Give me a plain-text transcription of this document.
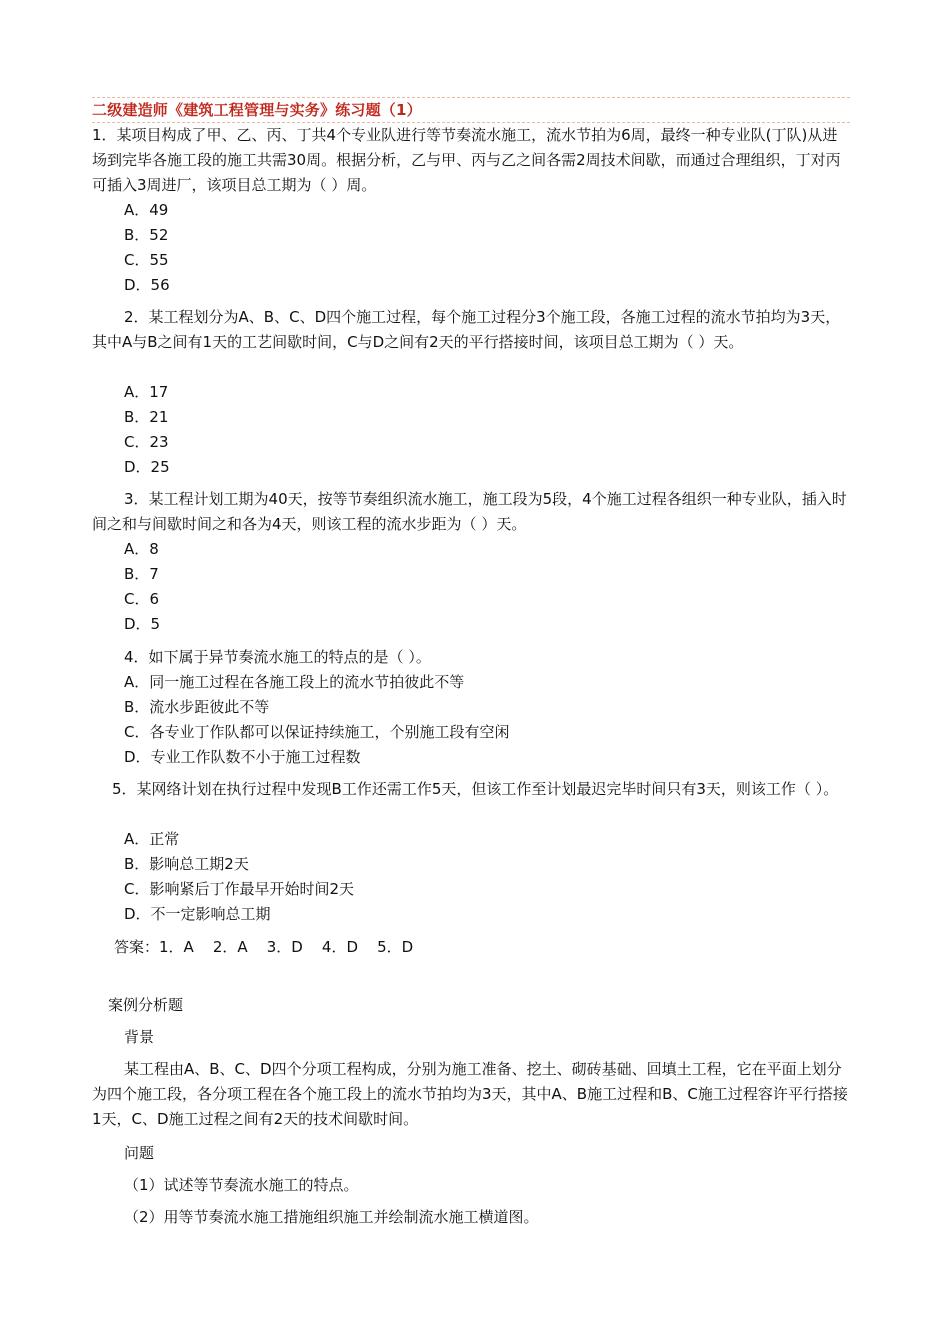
二级建造师《建筑工程管理与实务》练习题（1）
1．某项目构成了甲、乙、丙、丁共4个专业队进行等节奏流水施工，流水节拍为6周，最终一种专业队(丁队)从进场到完毕各施工段的施工共需30周。根据分析，乙与甲、丙与乙之间各需2周技术间歇，而通过合理组织，丁对丙可插入3周进厂，该项目总工期为（ ）周。
A．49
B．52
C．55
D．56
2．某工程划分为A、B、C、D四个施工过程，每个施工过程分3个施工段，各施工过程的流水节拍均为3天，其中A与B之间有1天的工艺间歇时间，C与D之间有2天的平行搭接时间，该项目总工期为（ ）天。
A．17
B．21
C．23
D．25
3．某工程计划工期为40天，按等节奏组织流水施工，施工段为5段，4个施工过程各组织一种专业队，插入时间之和与间歇时间之和各为4天，则该工程的流水步距为（ ）天。
A．8
B．7
C．6
D．5
4．如下属于异节奏流水施工的特点的是（ ）。
A．同一施工过程在各施工段上的流水节拍彼此不等
B．流水步距彼此不等
C．各专业丁作队都可以保证持续施工，个别施工段有空闲
D．专业工作队数不小于施工过程数
5．某网络计划在执行过程中发现B工作还需工作5天，但该工作至计划最迟完毕时间只有3天，则该工作（ ）。
A．正常
B．影响总工期2天
C．影响紧后丁作最早开始时间2天
D．不一定影响总工期
答案：1．A    2．A    3．D    4．D    5．D
案例分析题
背景
某工程由A、B、C、D四个分项工程构成，分别为施工准备、挖土、砌砖基础、回填土工程，它在平面上划分为四个施工段，各分项工程在各个施工段上的流水节拍均为3天，其中A、B施工过程和B、C施工过程容许平行搭接1天，C、D施工过程之间有2天的技术间歇时间。
问题
（1）试述等节奏流水施工的特点。
（2）用等节奏流水施工措施组织施工并绘制流水施工横道图。
